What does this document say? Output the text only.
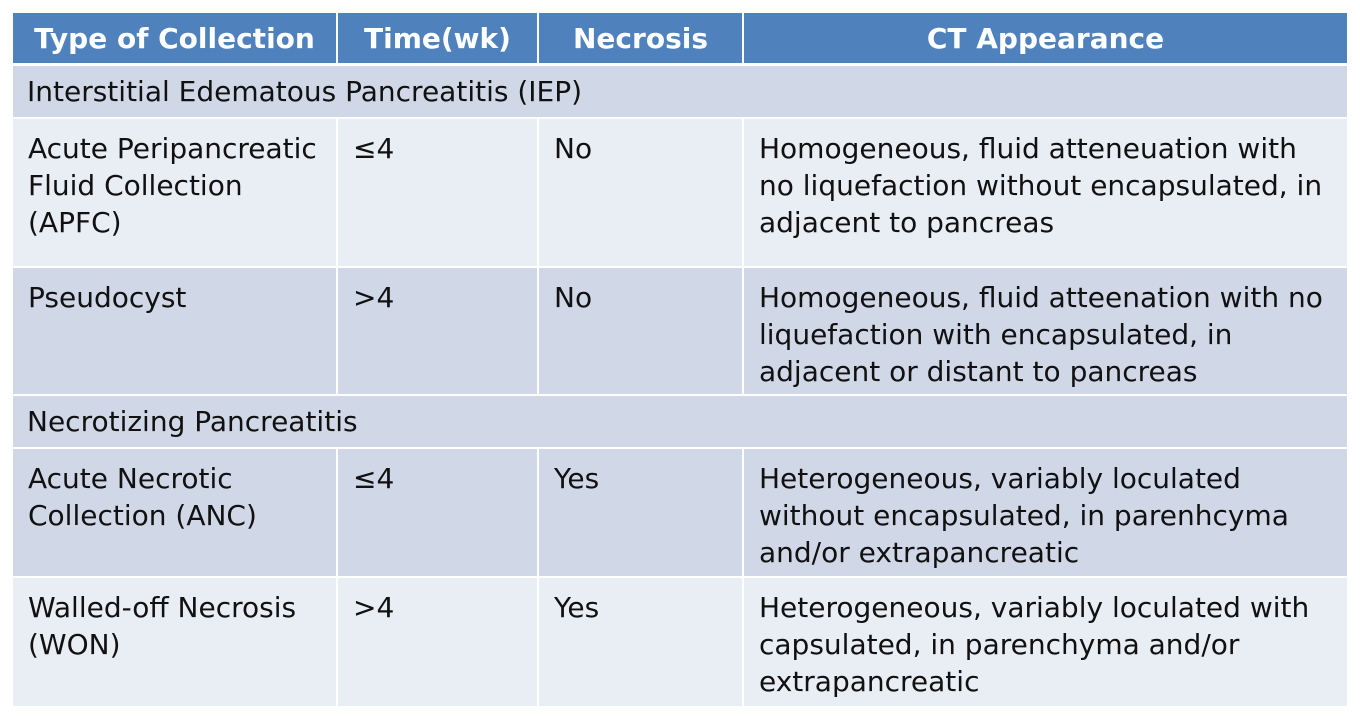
Type of Collection	Time(wk)	Necrosis	CT Appearance
Interstitial Edematous Pancreatitis (IEP)			
Acute Peripancreatic Fluid Collection (APFC)	≤4	No	Homogeneous, fluid atteneuation with no liquefaction without encapsulated, in adjacent to pancreas
Pseudocyst	>4	No	Homogeneous, fluid atteenation with no liquefaction with encapsulated, in adjacent or distant to pancreas
Necrotizing Pancreatitis			
Acute Necrotic Collection (ANC)	≤4	Yes	Heterogeneous, variably loculated without encapsulated, in parenhcyma and/or extrapancreatic
Walled-off Necrosis (WON)	>4	Yes	Heterogeneous, variably loculated with capsulated, in parenchyma and/or extrapancreatic
